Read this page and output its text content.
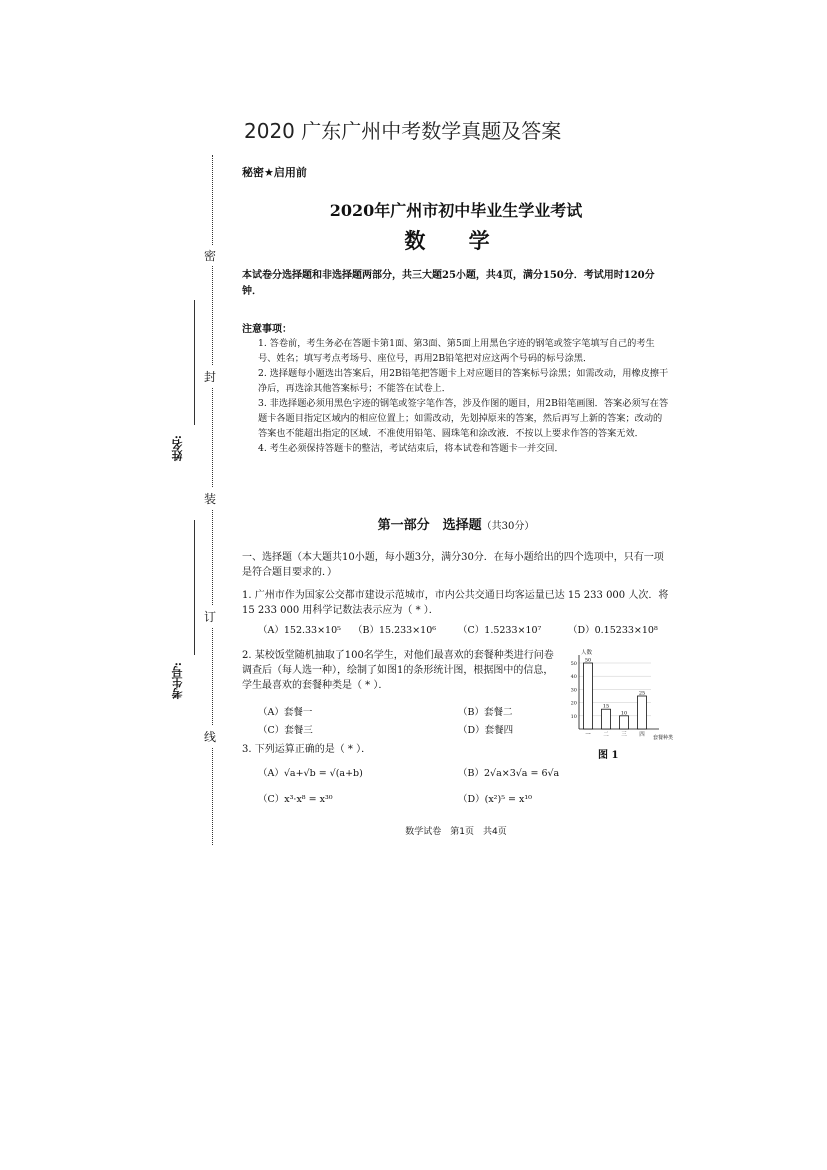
2020 广东广州中考数学真题及答案
密
封
装
订
线
姓名:
考生号:
秘密★启用前
2020年广州市初中毕业生学业考试
数 学
本试卷分选择题和非选择题两部分，共三大题25小题，共4页，满分150分．考试用时120分钟．
注意事项：
1. 答卷前，考生务必在答题卡第1面、第3面、第5面上用黑色字迹的钢笔或签字笔填写自己的考生号、姓名；填写考点考场号、座位号，再用2B铅笔把对应这两个号码的标号涂黑．
2. 选择题每小题选出答案后，用2B铅笔把答题卡上对应题目的答案标号涂黑；如需改动，用橡皮擦干净后，再选涂其他答案标号；不能答在试卷上．
3. 非选择题必须用黑色字迹的钢笔或签字笔作答，涉及作图的题目，用2B铅笔画图．答案必须写在答题卡各题目指定区域内的相应位置上；如需改动，先划掉原来的答案，然后再写上新的答案；改动的答案也不能超出指定的区域．不准使用铅笔、圆珠笔和涂改液．不按以上要求作答的答案无效．
4. 考生必须保持答题卡的整洁，考试结束后，将本试卷和答题卡一并交回．
第一部分　选择题（共30分）
一、选择题（本大题共10小题，每小题3分，满分30分．在每小题给出的四个选项中，只有一项是符合题目要求的．）
1. 广州市作为国家公交都市建设示范城市，市内公共交通日均客运量已达 15 233 000 人次．将 15 233 000 用科学记数法表示应为（ * ）．
（A）152.33×10⁵ （B）15.233×10⁶ （C）1.5233×10⁷	（D）0.15233×10⁸
2. 某校饭堂随机抽取了100名学生，对他们最喜欢的套餐种类进行问卷调查后（每人选一种），绘制了如图1的条形统计图，根据图中的信息，学生最喜欢的套餐种类是（ * ）．
（A）套餐一	（B）套餐二
（C）套餐三	（D）套餐四
10
20
30
40
50
人数
套餐种类
50
一
15
二
10
三
25
四
图 1
3. 下列运算正确的是（ * ）．
（A）√a+√b = √(a+b)	（B）2√a×3√a = 6√a
（C）x³·x⁸ = x³⁰	（D）(x²)⁵ = x¹⁰
数学试卷　第1页　共4页
